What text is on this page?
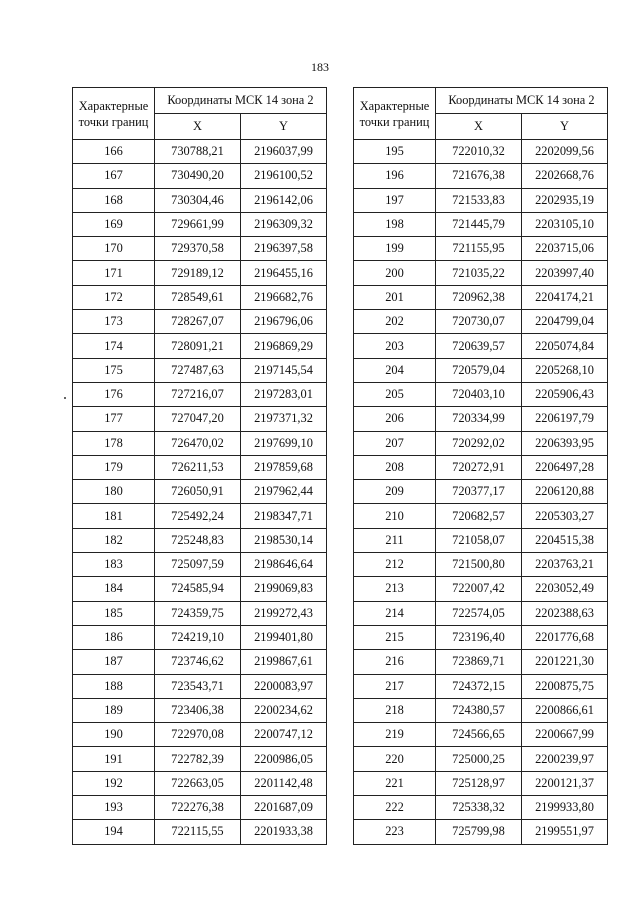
183
Характерные
точки границ	Координаты МСК 14 зона 2	
	X	Y
166	730788,21	2196037,99
167	730490,20	2196100,52
168	730304,46	2196142,06
169	729661,99	2196309,32
170	729370,58	2196397,58
171	729189,12	2196455,16
172	728549,61	2196682,76
173	728267,07	2196796,06
174	728091,21	2196869,29
175	727487,63	2197145,54
176	727216,07	2197283,01
177	727047,20	2197371,32
178	726470,02	2197699,10
179	726211,53	2197859,68
180	726050,91	2197962,44
181	725492,24	2198347,71
182	725248,83	2198530,14
183	725097,59	2198646,64
184	724585,94	2199069,83
185	724359,75	2199272,43
186	724219,10	2199401,80
187	723746,62	2199867,61
188	723543,71	2200083,97
189	723406,38	2200234,62
190	722970,08	2200747,12
191	722782,39	2200986,05
192	722663,05	2201142,48
193	722276,38	2201687,09
194	722115,55	2201933,38
Характерные
точки границ	Координаты МСК 14 зона 2	
	X	Y
195	722010,32	2202099,56
196	721676,38	2202668,76
197	721533,83	2202935,19
198	721445,79	2203105,10
199	721155,95	2203715,06
200	721035,22	2203997,40
201	720962,38	2204174,21
202	720730,07	2204799,04
203	720639,57	2205074,84
204	720579,04	2205268,10
205	720403,10	2205906,43
206	720334,99	2206197,79
207	720292,02	2206393,95
208	720272,91	2206497,28
209	720377,17	2206120,88
210	720682,57	2205303,27
211	721058,07	2204515,38
212	721500,80	2203763,21
213	722007,42	2203052,49
214	722574,05	2202388,63
215	723196,40	2201776,68
216	723869,71	2201221,30
217	724372,15	2200875,75
218	724380,57	2200866,61
219	724566,65	2200667,99
220	725000,25	2200239,97
221	725128,97	2200121,37
222	725338,32	2199933,80
223	725799,98	2199551,97
